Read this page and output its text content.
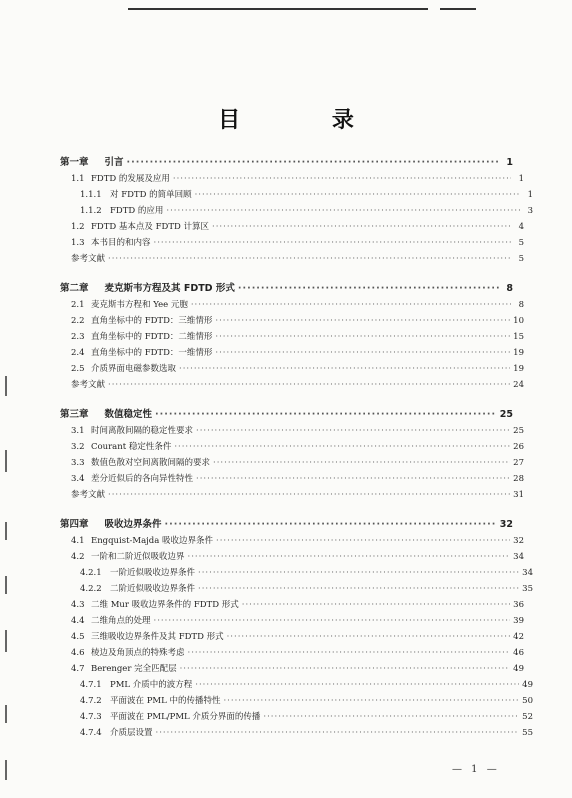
目 录
第一章 引言 ·····	1
1.1 FDTD 的发展及应用 ·····	1
1.1.1 对 FDTD 的简单回顾 ·····	1
1.1.2 FDTD 的应用 ·····	3
1.2 FDTD 基本点及 FDTD 计算区 ·····	4
1.3 本书目的和内容 ·····	5
参考文献 ·····	5
第二章 麦克斯韦方程及其 FDTD 形式 ·····	8
2.1 麦克斯韦方程和 Yee 元胞 ·····	8
2.2 直角坐标中的 FDTD：三维情形 ·····	10
2.3 直角坐标中的 FDTD：二维情形 ·····	15
2.4 直角坐标中的 FDTD：一维情形 ·····	19
2.5 介质界面电磁参数选取 ·····	19
参考文献 ·····	24
第三章 数值稳定性 ·····	25
3.1 时间离散间隔的稳定性要求 ·····	25
3.2 Courant 稳定性条件 ·····	26
3.3 数值色散对空间离散间隔的要求 ·····	27
3.4 差分近似后的各向异性特性 ·····	28
参考文献 ·····	31
第四章 吸收边界条件 ·····	32
4.1 Engquist-Majda 吸收边界条件 ·····	32
4.2 一阶和二阶近似吸收边界 ·····	34
4.2.1 一阶近似吸收边界条件 ·····	34
4.2.2 二阶近似吸收边界条件 ·····	35
4.3 二维 Mur 吸收边界条件的 FDTD 形式 ·····	36
4.4 二维角点的处理 ·····	39
4.5 三维吸收边界条件及其 FDTD 形式 ·····	42
4.6 棱边及角顶点的特殊考虑 ·····	46
4.7 Berenger 完全匹配层 ·····	49
4.7.1 PML 介质中的波方程 ·····	49
4.7.2 平面波在 PML 中的传播特性 ·····	50
4.7.3 平面波在 PML/PML 介质分界面的传播 ·····	52
4.7.4 介质层设置 ·····	55
— 1 —
